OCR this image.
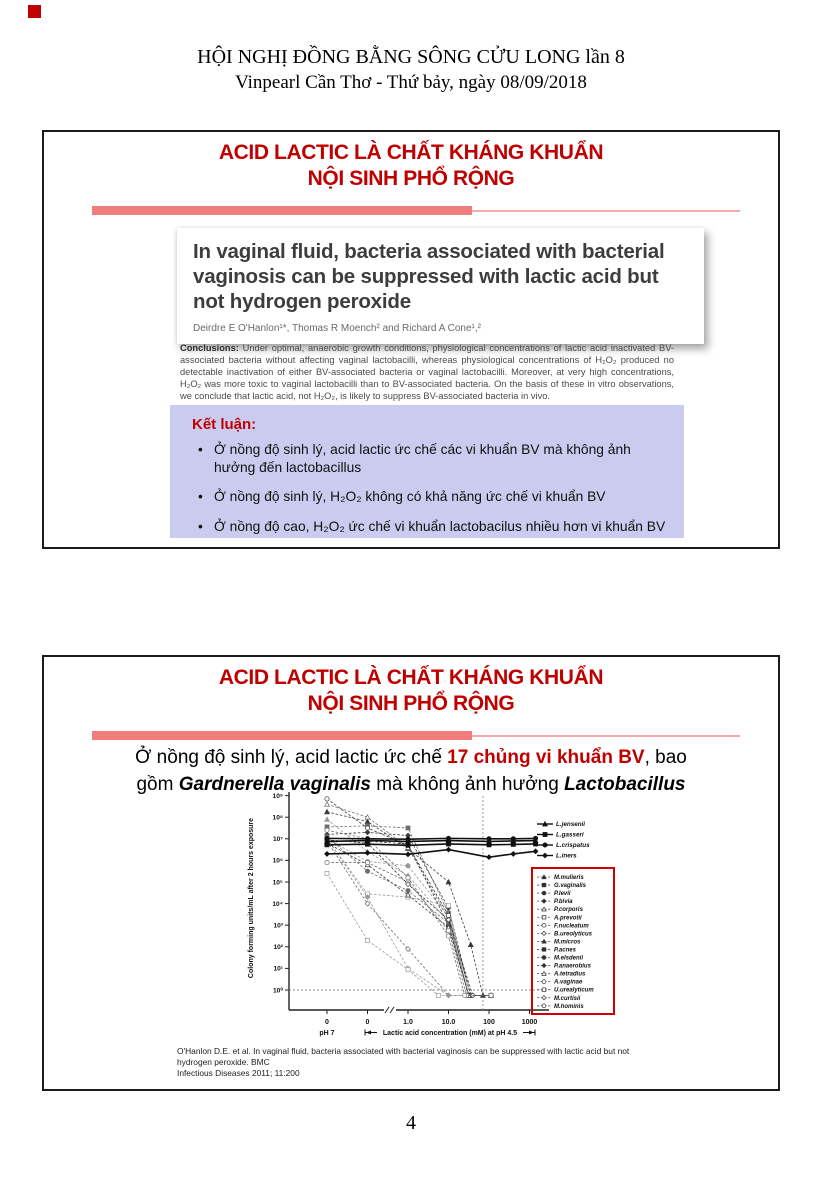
HỘI NGHỊ ĐỒNG BẰNG SÔNG CỬU LONG lần 8
Vinpearl Cần Thơ - Thứ bảy, ngày 08/09/2018
ACID LACTIC LÀ CHẤT KHÁNG KHUẨN
NỘI SINH PHỔ RỘNG
In vaginal fluid, bacteria associated with bacterial vaginosis can be suppressed with lactic acid but not hydrogen peroxide
Deirdre E O'Hanlon¹*, Thomas R Moench² and Richard A Cone¹,²

Conclusions: Under optimal, anaerobic growth conditions, physiological concentrations of lactic acid inactivated BV-associated bacteria without affecting vaginal lactobacilli, whereas physiological concentrations of H₂O₂ produced no detectable inactivation of either BV-associated bacteria or vaginal lactobacilli. Moreover, at very high concentrations, H₂O₂ was more toxic to vaginal lactobacilli than to BV-associated bacteria. On the basis of these in vitro observations, we conclude that lactic acid, not H₂O₂, is likely to suppress BV-associated bacteria in vivo.

Kết luận:
• Ở nồng độ sinh lý, acid lactic ức chế các vi khuẩn BV mà không ảnh hưởng đến lactobacillus
• Ở nồng độ sinh lý, H₂O₂ không có khả năng ức chế vi khuẩn BV
• Ở nồng độ cao, H₂O₂ ức chế vi khuẩn lactobacilus nhiều hơn vi khuẩn BV
ACID LACTIC LÀ CHẤT KHÁNG KHUẨN
NỘI SINH PHỔ RỘNG

Ở nồng độ sinh lý, acid lactic ức chế 17 chủng vi khuẩn BV, bao gồm Gardnerella vaginalis mà không ảnh hưởng Lactobacillus

10⁹
10⁸
10⁷
10⁶
10⁵
10⁴
10³
10²
10¹
10⁰
0	0	1.0	10.0	100	1000
Colony forming units/mL after 2 hours exposure
pH 7	Lactic acid concentration (mM) at pH 4.5
L.jensenii
L.gasseri
L.crispatus
L.iners
M.mulieris
G.vaginalis
P.levii
P.bivia
P.corporis
A.prevotii
F.nucleatum
B.ureolyticus
M.micros
P.acnes
M.elsdenii
P.anaerobius
A.tetradius
A.vaginae
U.urealyticum
M.curtisii
M.hominis

O'Hanlon D.E. et al. In vaginal fluid, bacteria associated with bacterial vaginosis can be suppressed with lactic acid but not hydrogen peroxide. BMC
Infectious Diseases 2011; 11:200

4
